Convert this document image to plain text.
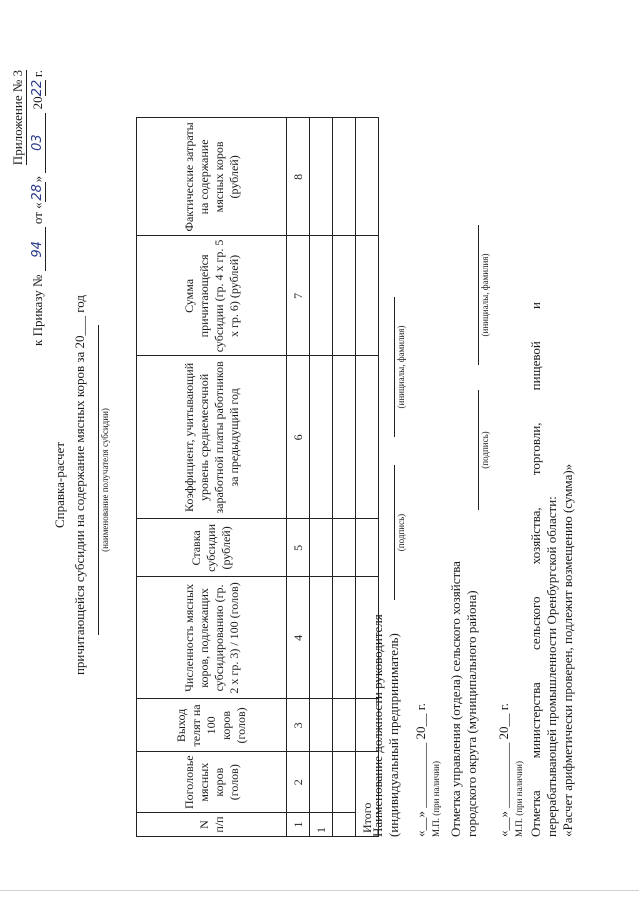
Приложение № 3
к Приказу № 94 от «28» 03 2022 г.
Справка-расчет причитающейся субсидии на содержание мясных коров за 20___ год (наименование получателя субсидии)
N п/п	Поголовье мясных коров (голов)	Выход телят на 100 коров (голов)	Численность мясных коров, подлежащих субсидированию (гр. 2 x гр. 3) / 100 (голов)	Ставка субсидии (рублей)	Коэффициент, учитывающий уровень среднемесячной заработной платы работников за предыдущий год	Сумма причитающейся субсидии (гр. 4 x гр. 5 x гр. 6) (рублей)	Фактические затраты на содержание мясных коров (рублей)
1	2	3	4	5	6	7	8
1							

Итого							
Наименование должности руководителя (индивидуальный предприниматель)
(подпись)
(инициалы, фамилия)
«__» __________ 20__ г. М.П. (при наличии) Отметка управления (отдела) сельского хозяйства городского округа (муниципального района)
(подпись)
(инициалы, фамилия)
«__» __________ 20__ г. М.П. (при наличии) Отметка министерства сельского хозяйства, торговли, пищевой и перерабатывающей промышленности Оренбургской области: «Расчет арифметически проверен, подлежит возмещению (сумма)»
